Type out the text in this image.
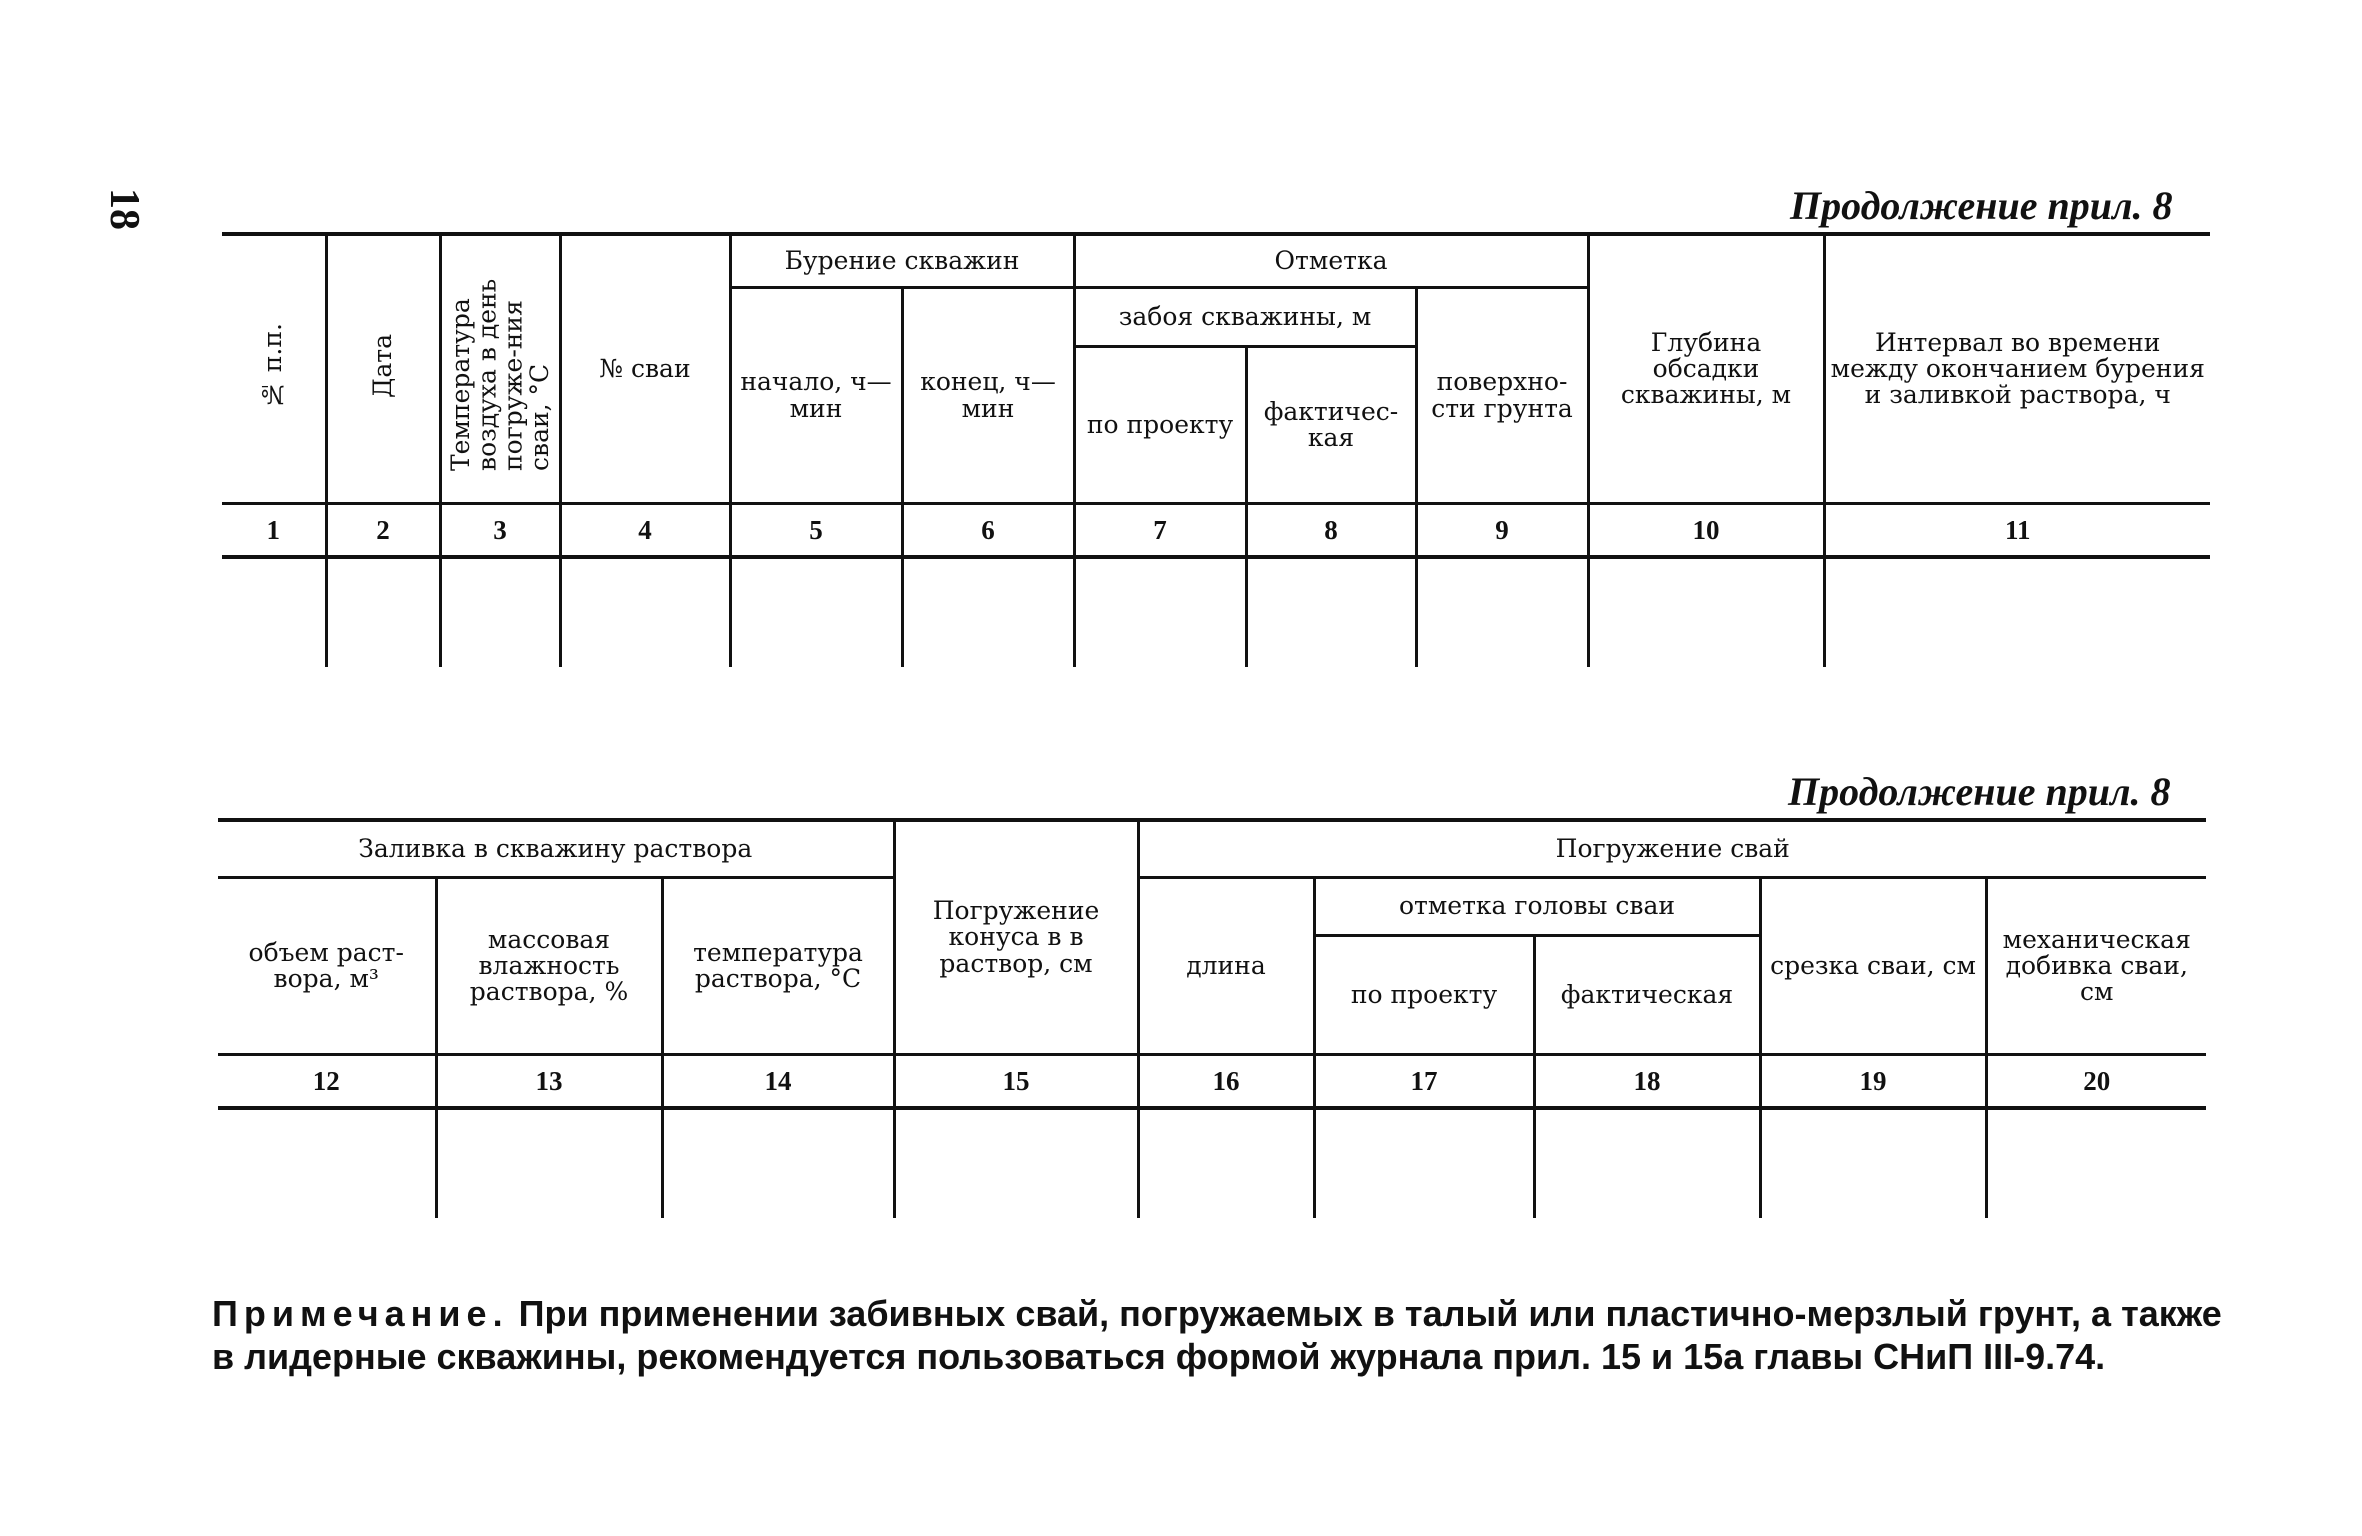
18	Продолжение прил. 8
№ п.п.	Дата	Температура воздуха в день погруже-ния сваи, °С	№ сваи	Бурение скважин		Отметка			Глубина обсадки скважины, м	Интервал во времени между окончанием бурения и заливкой раствора, ч
				начало, ч—мин	конец, ч—мин	забоя скважины, м		поверхно-сти грунта		
						по проекту	фактичес-кая			
1	2	3	4	5	6	7	8	9	10	11

Продолжение прил. 8
Заливка в скважину раствора			Погружение конуса в в раствор, см	Погружение свай				
объем раст-вора, м³	массовая влажность раствора, %	температура раствора, °С		длина	отметка головы сваи		срезка сваи, см	механическая добивка сваи, см
					по проекту	фактическая		
12	13	14	15	16	17	18	19	20

Примечание. При применении забивных свай, погружаемых в талый или пластично-мерзлый грунт, а также в лидерные скважины, рекомендуется пользоваться формой журнала прил. 15 и 15а главы СНиП III-9.74.
